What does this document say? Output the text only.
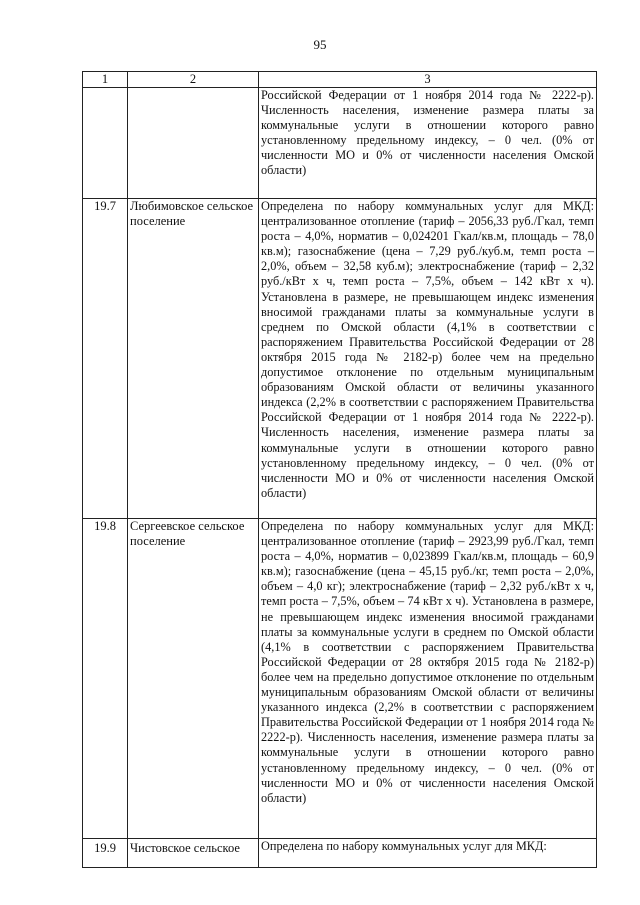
95
1	2	3
		Российской Федерации от 1 ноября 2014 года № 2222-р). Численность населения, изменение размера платы за коммунальные услуги в отношении которого равно установленному предельному индексу, – 0 чел. (0% от численности МО и 0% от численности населения Омской области)
19.7	Любимовское сельское поселение	Определена по набору коммунальных услуг для МКД: централизованное отопление (тариф – 2056,33 руб./Гкал, темп роста – 4,0%, норматив – 0,024201 Гкал/кв.м, площадь – 78,0 кв.м); газоснабжение (цена – 7,29 руб./куб.м, темп роста – 2,0%, объем – 32,58 куб.м); электроснабжение (тариф – 2,32 руб./кВт х ч, темп роста – 7,5%, объем – 142 кВт х ч). Установлена в размере, не превышающем индекс изменения вносимой гражданами платы за коммунальные услуги в среднем по Омской области (4,1% в соответствии с распоряжением Правительства Российской Федерации от 28 октября 2015 года № 2182-р) более чем на предельно допустимое отклонение по отдельным муниципальным образованиям Омской области от величины указанного индекса (2,2% в соответствии с распоряжением Правительства Российской Федерации от 1 ноября 2014 года № 2222-р). Численность населения, изменение размера платы за коммунальные услуги в отношении которого равно установленному предельному индексу, – 0 чел. (0% от численности МО и 0% от численности населения Омской области)
19.8	Сергеевское сельское поселение	Определена по набору коммунальных услуг для МКД: централизованное отопление (тариф – 2923,99 руб./Гкал, темп роста – 4,0%, норматив – 0,023899 Гкал/кв.м, площадь – 60,9 кв.м); газоснабжение (цена – 45,15 руб./кг, темп роста – 2,0%, объем – 4,0 кг); электроснабжение (тариф – 2,32 руб./кВт х ч, темп роста – 7,5%, объем – 74 кВт х ч). Установлена в размере, не превышающем индекс изменения вносимой гражданами платы за коммунальные услуги в среднем по Омской области (4,1% в соответствии с распоряжением Правительства Российской Федерации от 28 октября 2015 года № 2182-р) более чем на предельно допустимое отклонение по отдельным муниципальным образованиям Омской области от величины указанного индекса (2,2% в соответствии с распоряжением Правительства Российской Федерации от 1 ноября 2014 года № 2222-р). Численность населения, изменение размера платы за коммунальные услуги в отношении которого равно установленному предельному индексу, – 0 чел. (0% от численности МО и 0% от численности населения Омской области)
19.9	Чистовское сельское	Определена по набору коммунальных услуг для МКД:
